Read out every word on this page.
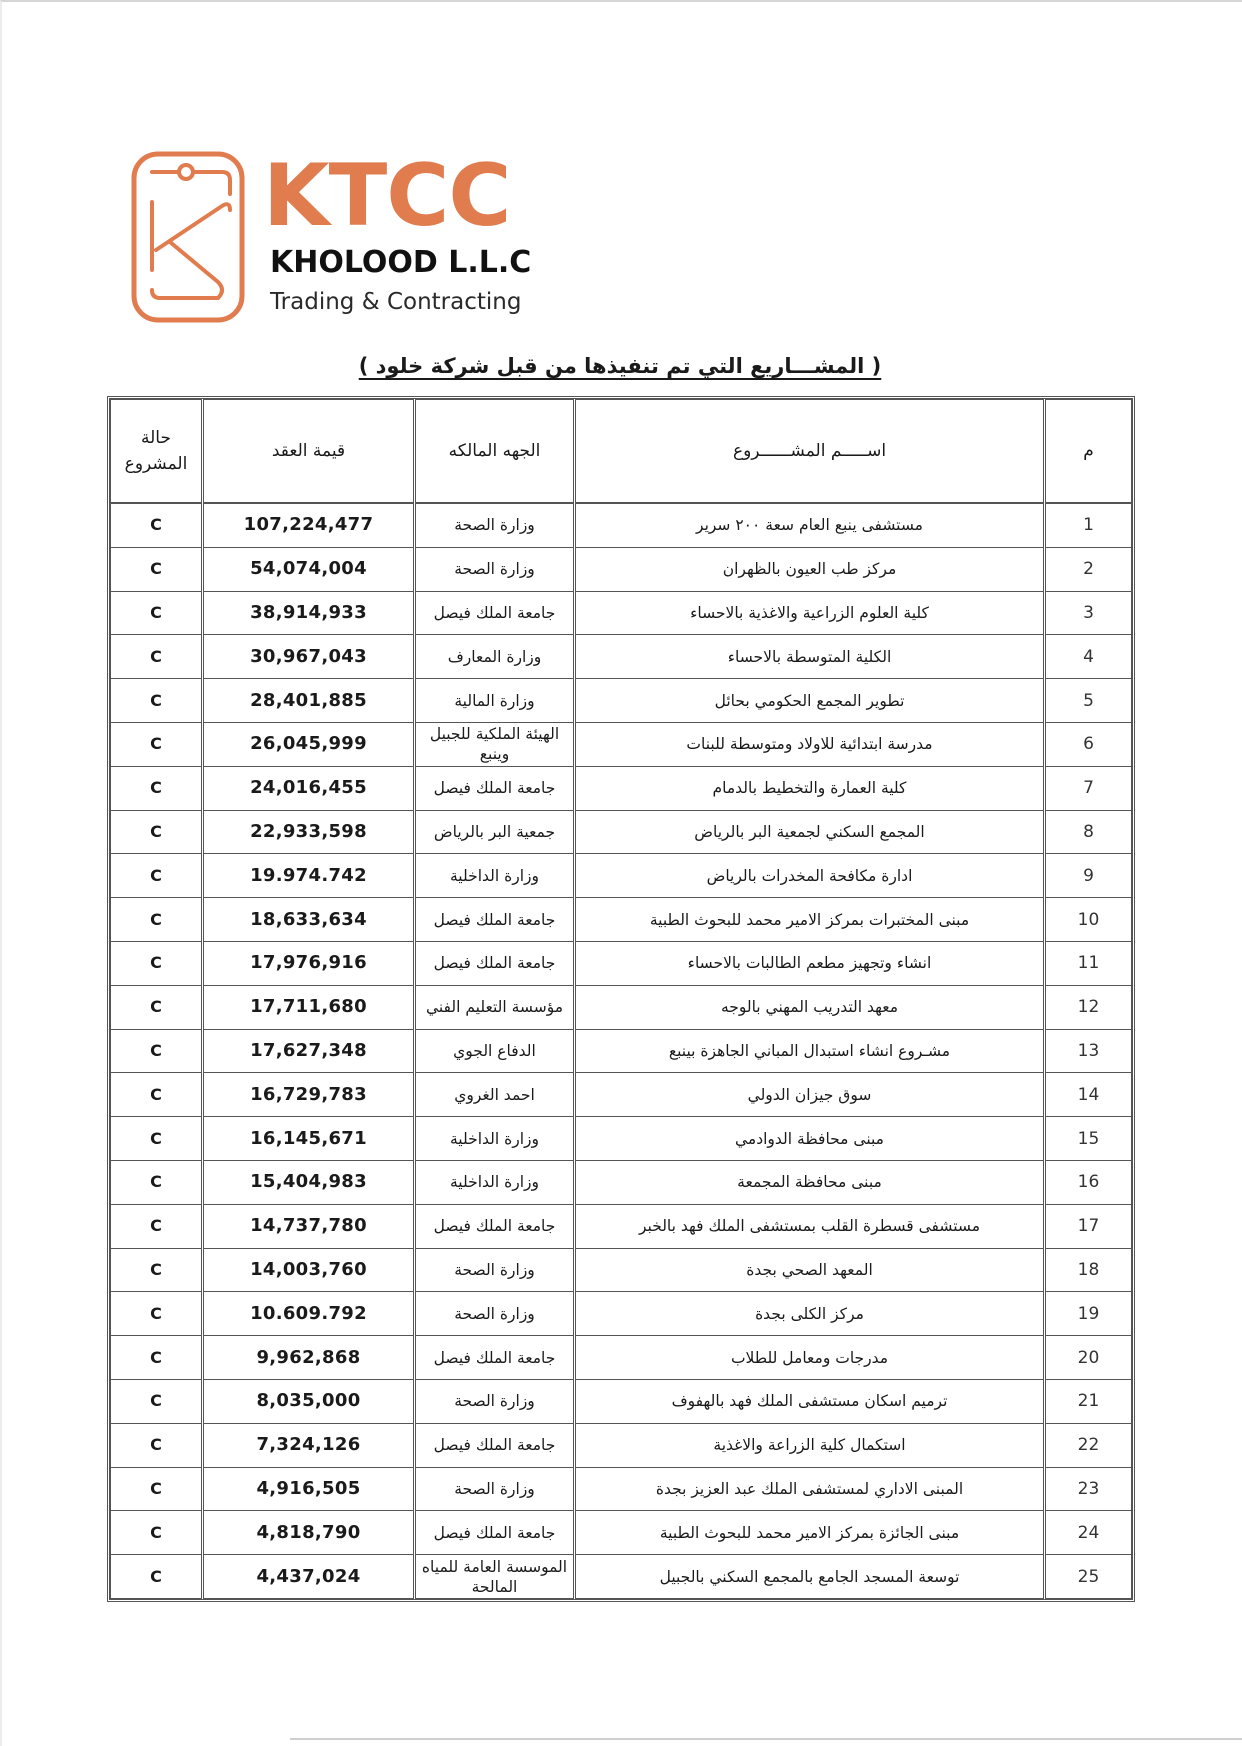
KTCC
KHOLOOD L.L.C
Trading & Contracting
( المشـــاريع التي تم تنفيذها من قبل شركة خلود )
حالة المشروع	قيمة العقد	الجهه المالكه	اســـــم المشــــــروع	م
C	107,224,477	وزارة الصحة	مستشفى ينبع العام سعة ٢٠٠ سرير	1
C	54,074,004	وزارة الصحة	مركز طب العيون بالظهران	2
C	38,914,933	جامعة الملك فيصل	كلية العلوم الزراعية والاغذية بالاحساء	3
C	30,967,043	وزارة المعارف	الكلية المتوسطة بالاحساء	4
C	28,401,885	وزارة المالية	تطوير المجمع الحكومي بحائل	5
C	26,045,999	الهيئة الملكية للجبيل وينبع	مدرسة ابتدائية للاولاد ومتوسطة للبنات	6
C	24,016,455	جامعة الملك فيصل	كلية العمارة والتخطيط بالدمام	7
C	22,933,598	جمعية البر بالرياض	المجمع السكني لجمعية البر بالرياض	8
C	19.974.742	وزارة الداخلية	ادارة مكافحة المخدرات بالرياض	9
C	18,633,634	جامعة الملك فيصل	مبنى المختبرات بمركز الامير محمد للبحوث الطبية	10
C	17,976,916	جامعة الملك فيصل	انشاء وتجهيز مطعم الطالبات بالاحساء	11
C	17,711,680	مؤسسة التعليم الفني	معهد التدريب المهني بالوجه	12
C	17,627,348	الدفاع الجوي	مشـروع انشاء استبدال المباني الجاهزة بينبع	13
C	16,729,783	احمد الغروي	سوق جيزان الدولي	14
C	16,145,671	وزارة الداخلية	مبنى محافظة الدوادمي	15
C	15,404,983	وزارة الداخلية	مبنى محافظة المجمعة	16
C	14,737,780	جامعة الملك فيصل	مستشفى قسطرة القلب بمستشفى الملك فهد بالخبر	17
C	14,003,760	وزارة الصحة	المعهد الصحي بجدة	18
C	10.609.792	وزارة الصحة	مركز الكلى بجدة	19
C	9,962,868	جامعة الملك فيصل	مدرجات ومعامل للطلاب	20
C	8,035,000	وزارة الصحة	ترميم اسكان مستشفى الملك فهد بالهفوف	21
C	7,324,126	جامعة الملك فيصل	استكمال كلية الزراعة والاغذية	22
C	4,916,505	وزارة الصحة	المبنى الاداري لمستشفى الملك عبد العزيز بجدة	23
C	4,818,790	جامعة الملك فيصل	مبنى الجائزة بمركز الامير محمد للبحوث الطبية	24
C	4,437,024	الموسسة العامة للمياه المالحة	توسعة المسجد الجامع بالمجمع السكني بالجبيل	25
